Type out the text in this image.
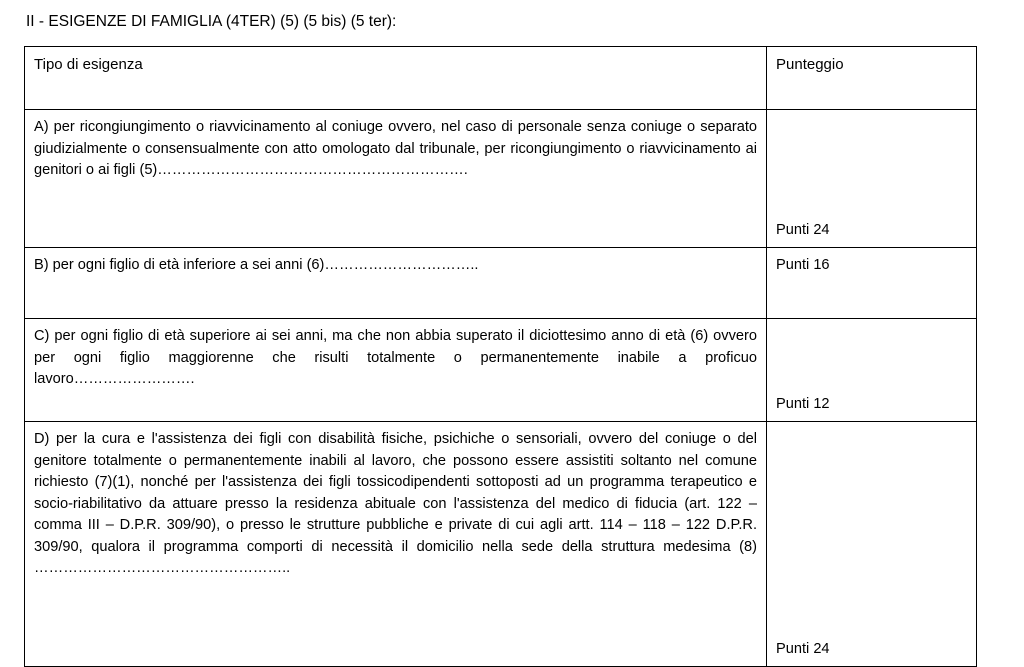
II - ESIGENZE DI FAMIGLIA (4TER) (5) (5 bis) (5 ter):
Tipo di esigenza	Punteggio

A) per ricongiungimento o riavvicinamento al coniuge ovvero, nel caso di personale senza coniuge o separato giudizialmente o consensualmente con atto omologato dal tribunale, per ricongiungimento o riavvicinamento ai genitori o ai figli (5)……………………………………………………….	Punti 24

B) per ogni figlio di età inferiore a sei anni (6)…………………………..	Punti 16

C) per ogni figlio di età superiore ai sei anni, ma che non abbia superato il diciottesimo anno di età (6) ovvero per ogni figlio maggiorenne che risulti totalmente o permanentemente inabile a proficuo lavoro…………………….	Punti 12

D) per la cura e l'assistenza dei figli con disabilità fisiche, psichiche o sensoriali, ovvero del coniuge o del genitore totalmente o permanentemente inabili al lavoro, che possono essere assistiti soltanto nel comune richiesto (7)(1), nonché per l'assistenza dei figli tossicodipendenti sottoposti ad un programma terapeutico e socio-riabilitativo da attuare presso la residenza abituale con l'assistenza del medico di fiducia (art. 122 – comma III – D.P.R. 309/90), o presso le strutture pubbliche e private di cui agli artt. 114 – 118 – 122 D.P.R. 309/90, qualora il programma comporti di necessità il domicilio nella sede della struttura medesima (8) ……………………………………………..	Punti 24
